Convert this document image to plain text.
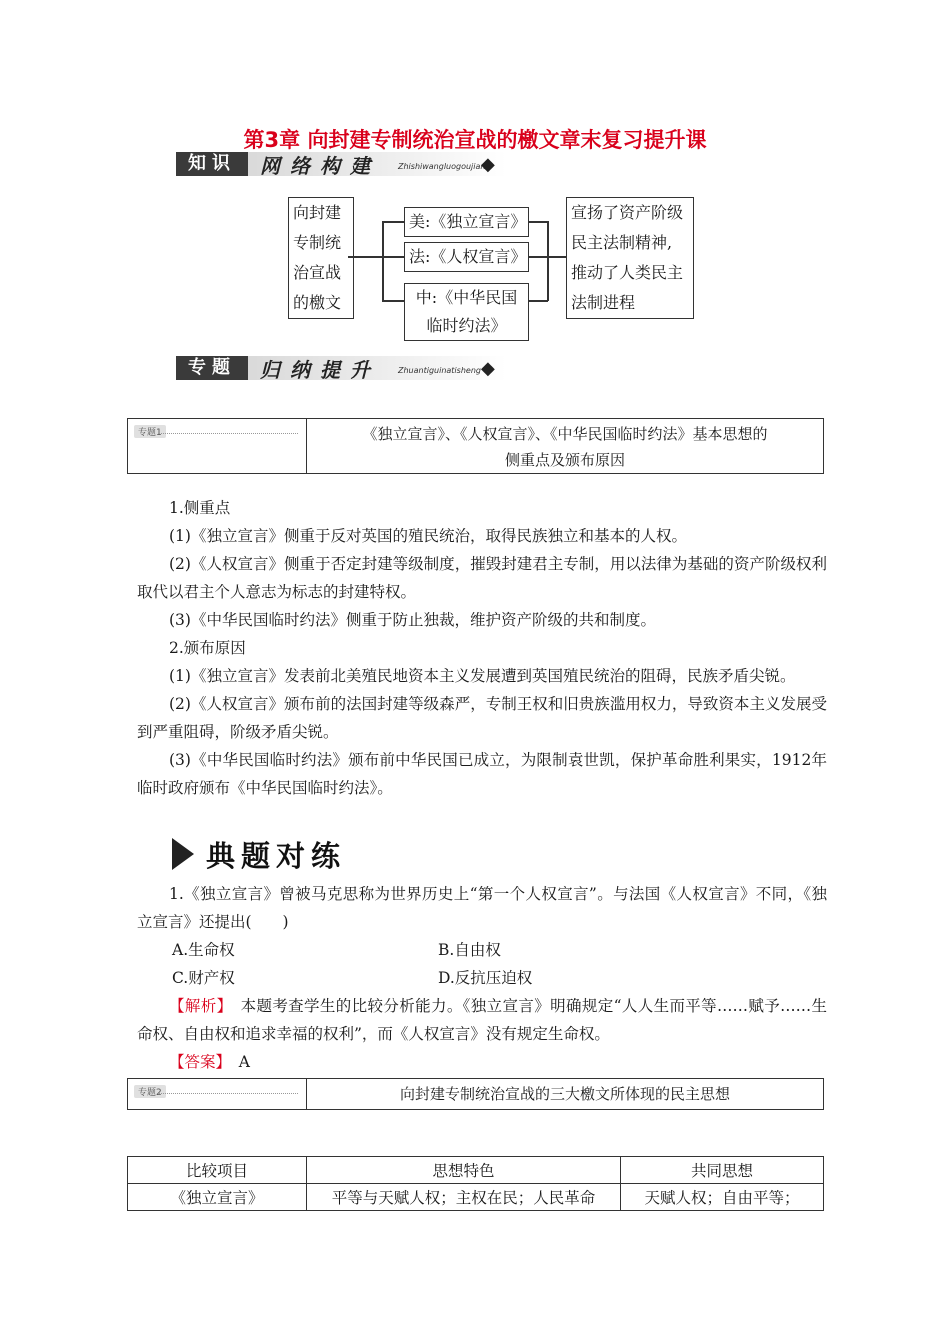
第3章 向封建专制统治宣战的檄文章末复习提升课
知识	网络构建 Zhishiwangluogoujian
◆
向封建
专制统
治宣战
的檄文
美:《独立宣言》
法:《人权宣言》
中:《中华民国
临时约法》
宣扬了资产阶级
民主法制精神,
推动了人类民主
法制进程
专题	归纳提升 Zhuantiguinatisheng ◆
专题1	《独立宣言》、《人权宣言》、《中华民国临时约法》基本思想的
侧重点及颁布原因

1.侧重点

(1)《独立宣言》侧重于反对英国的殖民统治，取得民族独立和基本的人权。

(2)《人权宣言》侧重于否定封建等级制度，摧毁封建君主专制，用以法律为基础的资产阶级权利取代以君主个人意志为标志的封建特权。

(3)《中华民国临时约法》侧重于防止独裁，维护资产阶级的共和制度。

2.颁布原因

(1)《独立宣言》发表前北美殖民地资本主义发展遭到英国殖民统治的阻碍，民族矛盾尖锐。

(2)《人权宣言》颁布前的法国封建等级森严，专制王权和旧贵族滥用权力，导致资本主义发展受到严重阻碍，阶级矛盾尖锐。

(3)《中华民国临时约法》颁布前中华民国已成立，为限制袁世凯，保护革命胜利果实，1912年临时政府颁布《中华民国临时约法》。

典题对练

1.《独立宣言》曾被马克思称为世界历史上“第一个人权宣言”。与法国《人权宣言》不同，《独立宣言》还提出(　　)

A.生命权	B.自由权
C.财产权	D.反抗压迫权

【解析】　 本题考查学生的比较分析能力。《独立宣言》明确规定“人人生而平等……赋予……生命权、自由权和追求幸福的权利”，而《人权宣言》没有规定生命权。

【答案】　 A

专题2	向封建专制统治宣战的三大檄文所体现的民主思想
比较项目	思想特色	共同思想
《独立宣言》	平等与天赋人权；主权在民；人民革命	天赋人权；自由平等；
